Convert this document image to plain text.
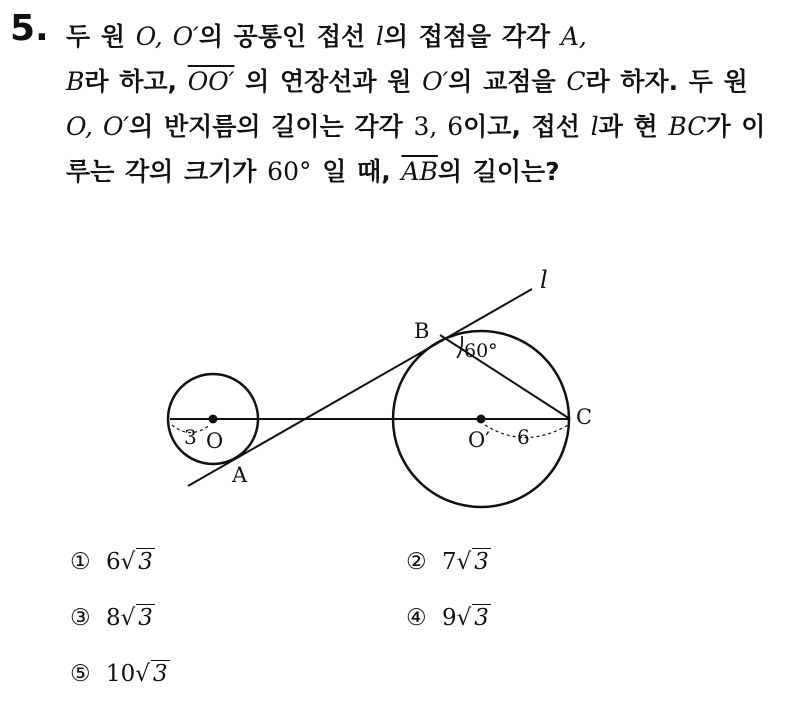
5. 두 원 O, O′의 공통인 접선 l의 접점을 각각 A,
B라 하고, OO′ 의 연장선과 원 O′의 교점을 C라 하자. 두 원 O, O′의 반지름의 길이는 각각 3, 6이고, 접선 l과 현 BC가 이루는 각의 크기가 60° 일 때, $\overline{AB}$의 길이는?

l
B
60°
C
O	O′
A
3	6
① 6 √ 3	② 7 √ 3
③ 8 √ 3	④ 9 √ 3
⑤ 10 √ 3
